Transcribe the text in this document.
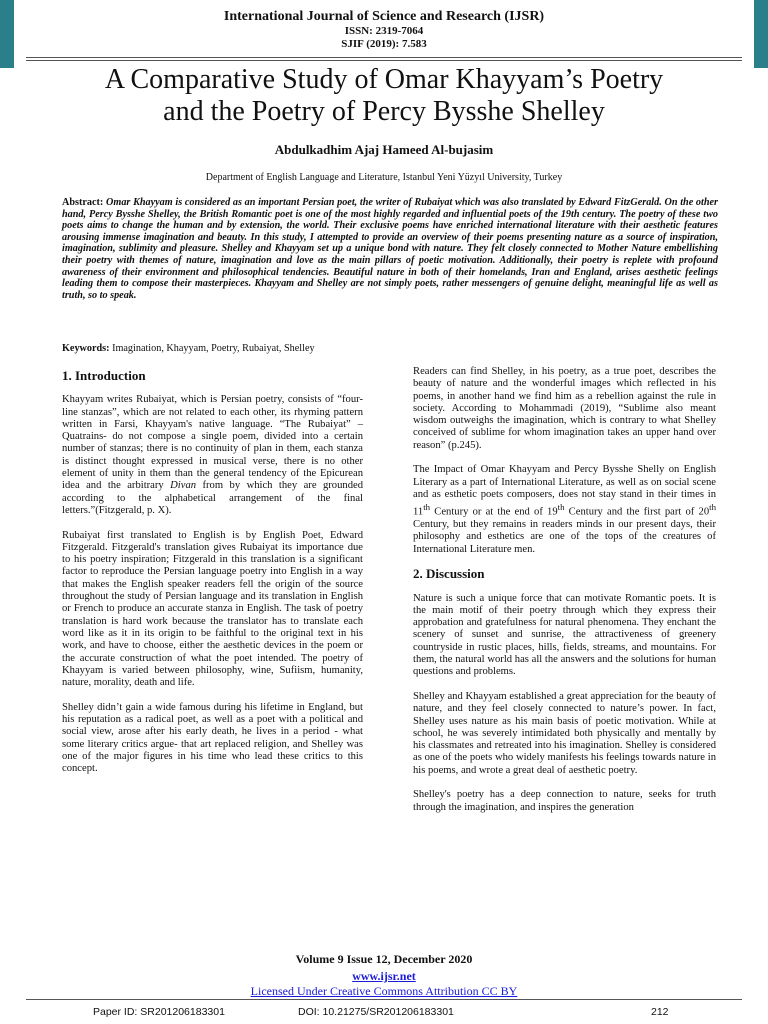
International Journal of Science and Research (IJSR)
ISSN: 2319-7064
SJIF (2019): 7.583
A Comparative Study of Omar Khayyam’s Poetry
and the Poetry of Percy Bysshe Shelley
Abdulkadhim Ajaj Hameed Al-bujasim
Department of English Language and Literature, Istanbul Yeni Yüzyıl University, Turkey
Abstract: Omar Khayyam is considered as an important Persian poet, the writer of Rubaiyat which was also translated by Edward FitzGerald. On the other hand, Percy Bysshe Shelley, the British Romantic poet is one of the most highly regarded and influential poets of the 19th century. The poetry of these two poets aims to change the human and by extension, the world. Their exclusive poems have enriched international literature with their aesthetic features arousing immense imagination and beauty. In this study, I attempted to provide an overview of their poems presenting nature as a source of inspiration, imagination, sublimity and pleasure. Shelley and Khayyam set up a unique bond with nature. They felt closely connected to Mother Nature embellishing their poetry with themes of nature, imagination and love as the main pillars of poetic motivation. Additionally, their poetry is replete with profound awareness of their environment and philosophical tendencies. Beautiful nature in both of their homelands, Iran and England, arises aesthetic feelings leading them to compose their masterpieces. Khayyam and Shelley are not simply poets, rather messengers of genuine delight, meaningful life as well as truth, so to speak.
Keywords: Imagination, Khayyam, Poetry, Rubaiyat, Shelley
1. Introduction

Khayyam writes Rubaiyat, which is Persian poetry, consists of “four-line stanzas”, which are not related to each other, its rhyming pattern written in Farsi, Khayyam's native language. “The Rubaiyat” – Quatrains- do not compose a single poem, divided into a certain number of stanzas; there is no continuity of plan in them, each stanza is distinct thought expressed in musical verse, there is no other element of unity in them than the general tendency of the Epicurean idea and the arbitrary Divan from by which they are grounded according to the alphabetical arrangement of the final letters.”(Fitzgerald, p. X).

Rubaiyat first translated to English is by English Poet, Edward Fitzgerald. Fitzgerald's translation gives Rubaiyat its importance due to his poetry inspiration; Fitzgerald in this translation is a significant factor to reproduce the Persian language poetry into English in a way that makes the English speaker readers fell the origin of the source throughout the study of Persian language and its translation in English or French to produce an accurate stanza in English. The task of poetry translation is hard work because the translator has to translate each word like as it in its origin to be faithful to the original text in his work, and have to choose, either the aesthetic devices in the poem or the accurate construction of what the poet intended. The poetry of Khayyam is varied between philosophy, wine, Sufiism, humanity, nature, morality, death and life.

Shelley didn’t gain a wide famous during his lifetime in England, but his reputation as a radical poet, as well as a poet with a political and social view, arose after his early death, he lives in a period - what some literary critics argue- that art replaced religion, and Shelley was one of the major figures in his time who lead these critics to this concept.

Readers can find Shelley, in his poetry, as a true poet, describes the beauty of nature and the wonderful images which reflected in his poems, in another hand we find him as a rebellion against the rule in society. According to Mohammadi (2019), “Sublime also meant wisdom outweighs the imagination, which is contrary to what Shelley conceived of sublime for whom imagination takes an upper hand over reason” (p.245).

The Impact of Omar Khayyam and Percy Bysshe Shelly on English Literary as a part of International Literature, as well as on social scene and as esthetic poets composers, does not stay stand in their times in 11th Century or at the end of 19th Century and the first part of 20th Century, but they remains in readers minds in our present days, their philosophy and esthetics are one of the tops of the creatures of International Literature men.

2. Discussion

Nature is such a unique force that can motivate Romantic poets. It is the main motif of their poetry through which they express their approbation and gratefulness for natural phenomena. They enchant the scenery of sunset and sunrise, the attractiveness of greenery countryside in rustic places, hills, fields, streams, and mountains. For them, the natural world has all the answers and the solutions for human questions and problems.

Shelley and Khayyam established a great appreciation for the beauty of nature, and they feel closely connected to nature’s power. In fact, Shelley uses nature as his main basis of poetic motivation. While at school, he was severely intimidated both physically and mentally by his classmates and retreated into his imagination. Shelley is considered as one of the poets who widely manifests his feelings towards nature in his poems, and wrote a great deal of aesthetic poetry.

Shelley's poetry has a deep connection to nature, seeks for truth through the imagination, and inspires the generation

Volume 9 Issue 12, December 2020
www.ijsr.net
Licensed Under Creative Commons Attribution CC BY
Paper ID: SR201206183301	DOI: 10.21275/SR201206183301	212
